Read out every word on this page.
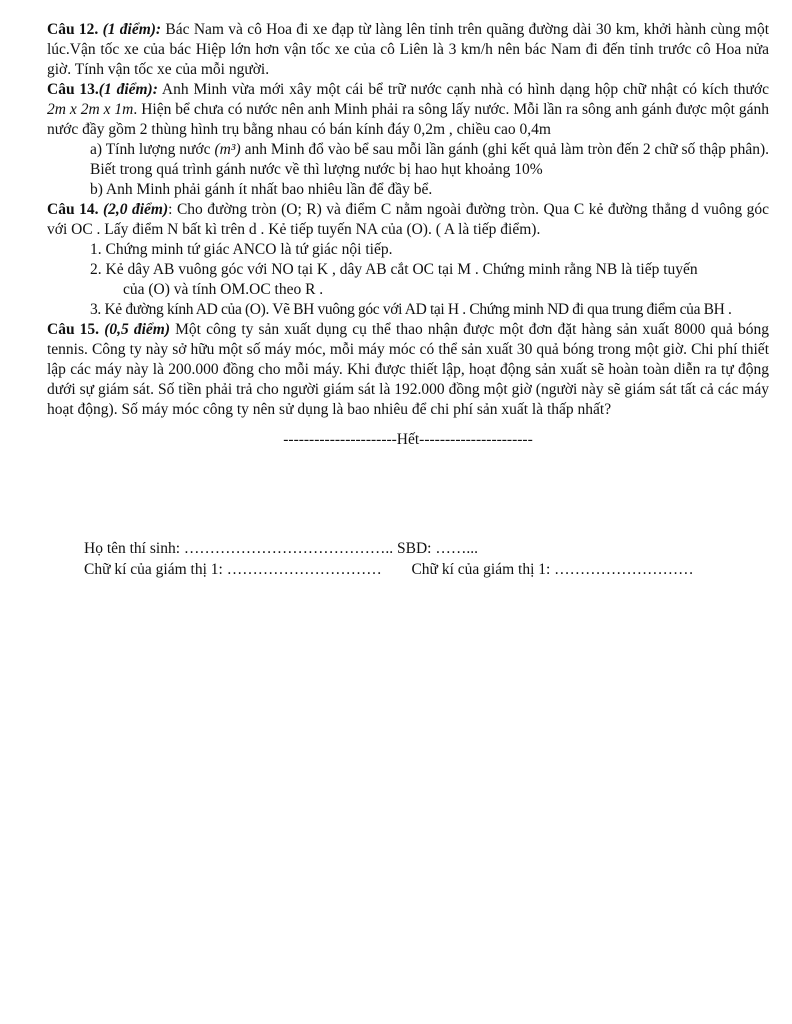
Câu 12. (1 điểm): Bác Nam và cô Hoa đi xe đạp từ làng lên tỉnh trên quãng đường dài 30 km, khởi hành cùng một lúc.Vận tốc xe của bác Hiệp lớn hơn vận tốc xe của cô Liên là 3 km/h nên bác Nam đi đến tỉnh trước cô Hoa nửa giờ. Tính vận tốc xe của mỗi người.

Câu 13.(1 điểm): Anh Minh vừa mới xây một cái bể trữ nước cạnh nhà có hình dạng hộp chữ nhật có kích thước 2m x 2m x 1m. Hiện bể chưa có nước nên anh Minh phải ra sông lấy nước. Mỗi lần ra sông anh gánh được một gánh nước đầy gồm 2 thùng hình trụ bằng nhau có bán kính đáy 0,2m , chiều cao 0,4m

a) Tính lượng nước (m³) anh Minh đổ vào bể sau mỗi lần gánh (ghi kết quả làm tròn đến 2 chữ số thập phân). Biết trong quá trình gánh nước về thì lượng nước bị hao hụt khoảng 10%

b) Anh Minh phải gánh ít nhất bao nhiêu lần để đầy bể.

Câu 14. (2,0 điểm): Cho đường tròn (O; R) và điểm C nằm ngoài đường tròn. Qua C kẻ đường thẳng d vuông góc với OC . Lấy điểm N bất kì trên d . Kẻ tiếp tuyến NA của (O). ( A là tiếp điểm).

1. Chứng minh tứ giác ANCO là tứ giác nội tiếp.

2. Kẻ dây AB vuông góc với NO tại K , dây AB cắt OC tại M . Chứng minh rằng NB là tiếp tuyến

của (O) và tính OM.OC theo R .

3. Kẻ đường kính AD của (O). Vẽ BH vuông góc với AD tại H . Chứng minh ND đi qua trung điểm của BH .

Câu 15. (0,5 điểm) Một công ty sản xuất dụng cụ thể thao nhận được một đơn đặt hàng sản xuất 8000 quả bóng tennis. Công ty này sở hữu một số máy móc, mỗi máy móc có thể sản xuất 30 quả bóng trong một giờ. Chi phí thiết lập các máy này là 200.000 đồng cho mỗi máy. Khi được thiết lập, hoạt động sản xuất sẽ hoàn toàn diễn ra tự động dưới sự giám sát. Số tiền phải trả cho người giám sát là 192.000 đồng một giờ (người này sẽ giám sát tất cả các máy hoạt động). Số máy móc công ty nên sử dụng là bao nhiêu để chi phí sản xuất là thấp nhất?

----------------------Hết----------------------

Họ tên thí sinh: ………………………………….. SBD: ……...
Chữ kí của giám thị 1: ………………………… Chữ kí của giám thị 1: ………………………
